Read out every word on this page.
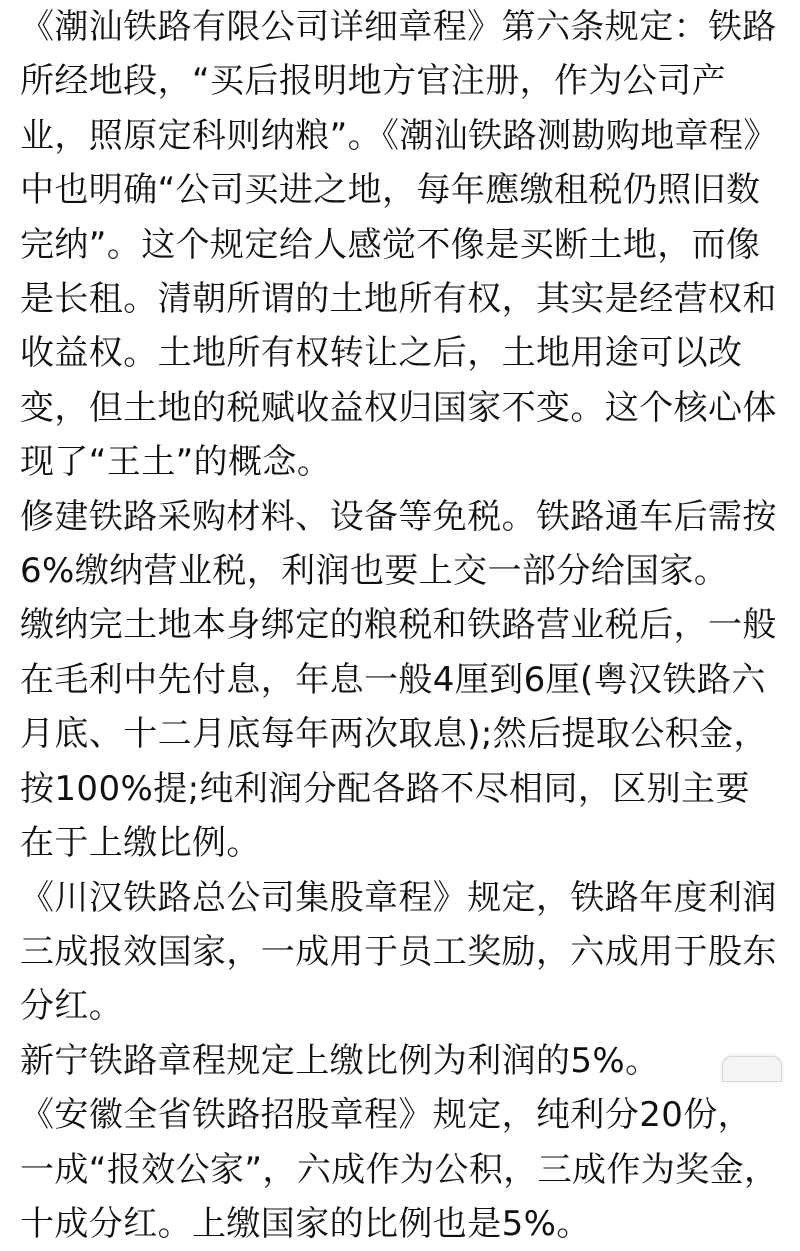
《潮汕铁路有限公司详细章程》第六条规定：铁路所经地段，“买后报明地方官注册，作为公司产业，照原定科则纳粮”。《潮汕铁路测勘购地章程》中也明确“公司买进之地，每年應缴租税仍照旧数完纳”。这个规定给人感觉不像是买断土地，而像是长租。清朝所谓的土地所有权，其实是经营权和收益权。土地所有权转让之后，土地用途可以改变，但土地的税赋收益权归国家不变。这个核心体现了“王土”的概念。

修建铁路采购材料、设备等免税。铁路通车后需按6%缴纳营业税，利润也要上交一部分给国家。

缴纳完土地本身绑定的粮税和铁路营业税后，一般在毛利中先付息，年息一般4厘到6厘(粤汉铁路六月底、十二月底每年两次取息);然后提取公积金，按100%提;纯利润分配各路不尽相同，区别主要在于上缴比例。

《川汉铁路总公司集股章程》规定，铁路年度利润三成报效国家，一成用于员工奖励，六成用于股东分红。

新宁铁路章程规定上缴比例为利润的5%。

《安徽全省铁路招股章程》规定，纯利分20份，一成“报效公家”，六成作为公积，三成作为奖金，十成分红。上缴国家的比例也是5%。
